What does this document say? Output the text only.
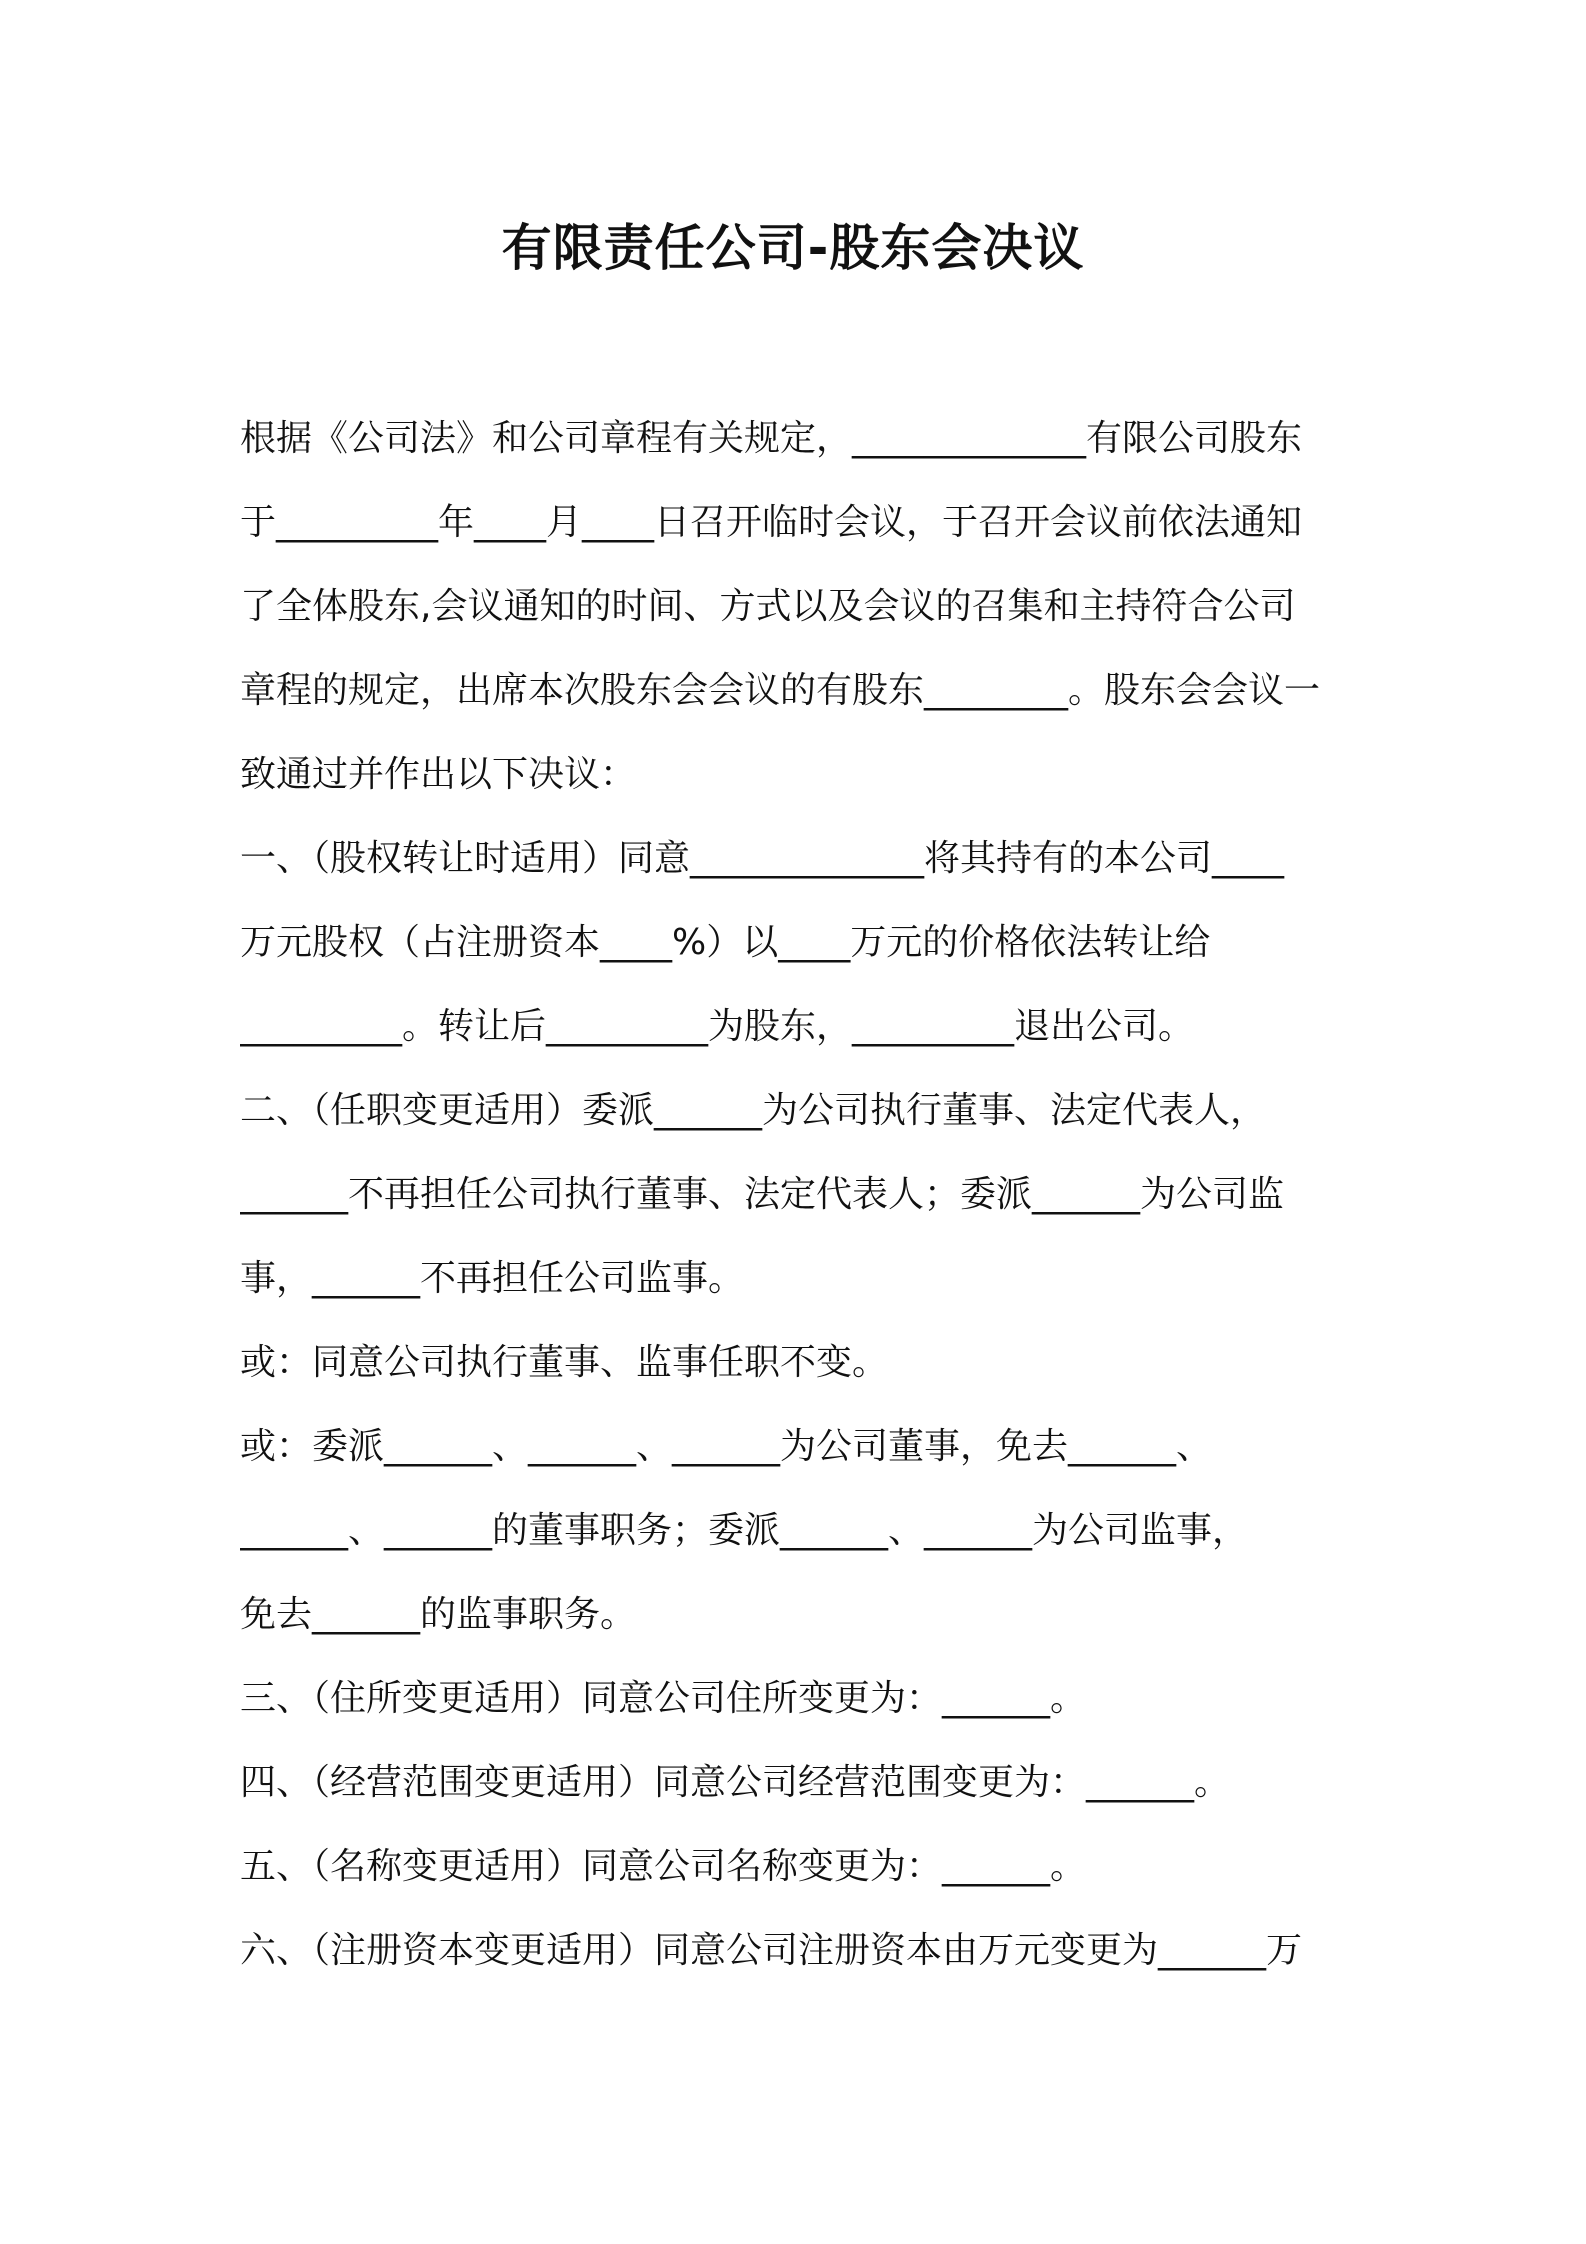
有限责任公司-股东会决议
根据《公司法》和公司章程有关规定，_____________有限公司股东
于_________年____月____日召开临时会议，于召开会议前依法通知
了全体股东,会议通知的时间、方式以及会议的召集和主持符合公司
章程的规定，出席本次股东会会议的有股东________。股东会会议一
致通过并作出以下决议：
一、（股权转让时适用）同意_____________将其持有的本公司____
万元股权（占注册资本____%）以____万元的价格依法转让给
_________。转让后_________为股东，_________退出公司。
二、（任职变更适用）委派______为公司执行董事、法定代表人，
______不再担任公司执行董事、法定代表人；委派______为公司监
事，______不再担任公司监事。
或：同意公司执行董事、监事任职不变。
或：委派______、______、______为公司董事，免去______、
______、______的董事职务；委派______、______为公司监事，
免去______的监事职务。
三、（住所变更适用）同意公司住所变更为：______。
四、（经营范围变更适用）同意公司经营范围变更为：______。
五、（名称变更适用）同意公司名称变更为：______。
六、（注册资本变更适用）同意公司注册资本由万元变更为______万
